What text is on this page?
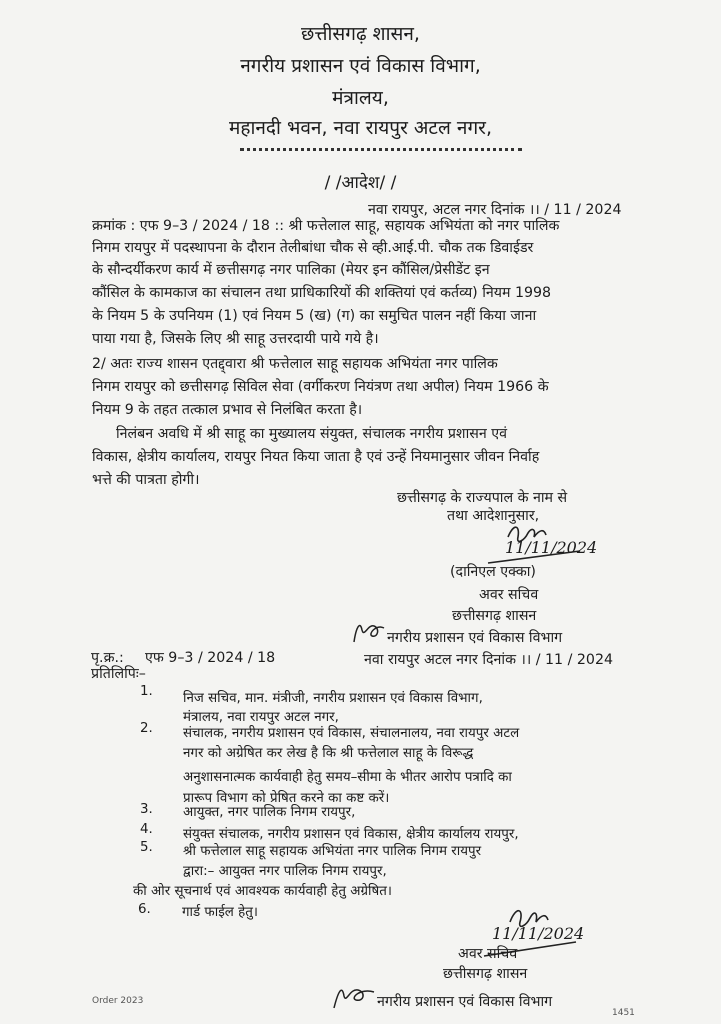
छत्तीसगढ़ शासन,
नगरीय प्रशासन एवं विकास विभाग,
मंत्रालय,
महानदी भवन, नवा रायपुर अटल नगर,
/ /आदेश/ /
नवा रायपुर, अटल नगर दिनांक ।। / 11 / 2024
क्रमांक : एफ 9–3 / 2024 / 18 :: श्री फत्तेलाल साहू, सहायक अभियंता को नगर पालिक
निगम रायपुर में पदस्थापना के दौरान तेलीबांधा चौक से व्ही.आई.पी. चौक तक डिवाईडर
के सौन्दर्यीकरण कार्य में छत्तीसगढ़ नगर पालिका (मेयर इन कौंसिल/प्रेसीडेंट इन
कौंसिल के कामकाज का संचालन तथा प्राधिकारियों की शक्तियां एवं कर्तव्य) नियम 1998
के नियम 5 के उपनियम (1) एवं नियम 5 (ख) (ग) का समुचित पालन नहीं किया जाना
पाया गया है, जिसके लिए श्री साहू उत्तरदायी पाये गये है।
2/ अतः राज्य शासन एतद्द्वारा श्री फत्तेलाल साहू सहायक अभियंता नगर पालिक
निगम रायपुर को छत्तीसगढ़ सिविल सेवा (वर्गीकरण नियंत्रण तथा अपील) नियम 1966 के
नियम 9 के तहत तत्काल प्रभाव से निलंबित करता है।
निलंबन अवधि में श्री साहू का मुख्यालय संयुक्त, संचालक नगरीय प्रशासन एवं
विकास, क्षेत्रीय कार्यालय, रायपुर नियत किया जाता है एवं उन्हें नियमानुसार जीवन निर्वाह
भत्ते की पात्रता होगी।
छत्तीसगढ़ के राज्यपाल के नाम से
तथा आदेशानुसार,
11/11/2024
(दानिएल एक्का)
अवर सचिव
छत्तीसगढ़ शासन
नगरीय प्रशासन एवं विकास विभाग
पृ.क्र.: एफ 9–3 / 2024 / 18	नवा रायपुर अटल नगर दिनांक ।। / 11 / 2024
प्रतिलिपिः–
1. निज सचिव, मान. मंत्रीजी, नगरीय प्रशासन एवं विकास विभाग,
मंत्रालय, नवा रायपुर अटल नगर,
2. संचालक, नगरीय प्रशासन एवं विकास, संचालनालय, नवा रायपुर अटल
नगर को अग्रेषित कर लेख है कि श्री फत्तेलाल साहू के विरूद्ध
अनुशासनात्मक कार्यवाही हेतु समय–सीमा के भीतर आरोप पत्रादि का
प्रारूप विभाग को प्रेषित करने का कष्ट करें।
3. आयुक्त, नगर पालिक निगम रायपुर,
4. संयुक्त संचालक, नगरीय प्रशासन एवं विकास, क्षेत्रीय कार्यालय रायपुर,
5. श्री फत्तेलाल साहू सहायक अभियंता नगर पालिक निगम रायपुर
द्वारा:– आयुक्त नगर पालिक निगम रायपुर,
की ओर सूचनार्थ एवं आवश्यक कार्यवाही हेतु अग्रेषित।
6. गार्ड फाईल हेतु।
11/11/2024
अवर सचिव
छत्तीसगढ़ शासन
नगरीय प्रशासन एवं विकास विभाग
Order 2023
1451
